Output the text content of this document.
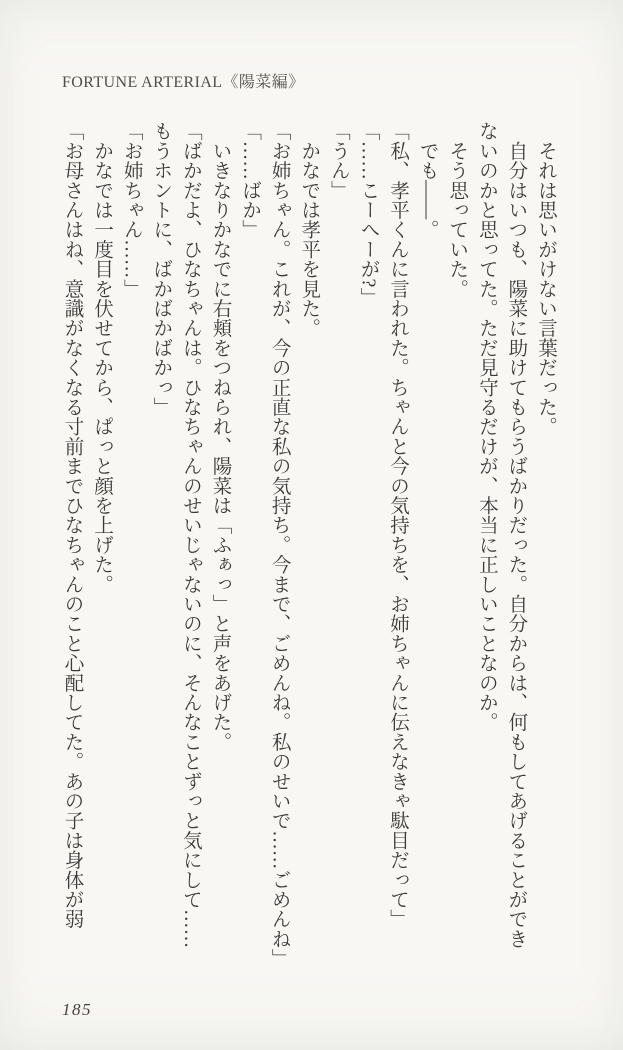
FORTUNE ARTERIAL《陽菜編》

　それは思いがけない言葉だった。

　自分はいつも、陽菜に助けてもらうばかりだった。自分からは、何もしてあげることができ

ないのかと思ってた。ただ見守るだけが、本当に正しいことなのか。

　そう思っていた。

　でも――。

「私、孝平くんに言われた。ちゃんと今の気持ちを、お姉ちゃんに伝えなきゃ駄目だって」

「……こーへーが?」

「うん」

　かなでは孝平を見た。

「お姉ちゃん。これが、今の正直な私の気持ち。今まで、ごめんね。私のせいで……ごめんね」

「……ばか」

　いきなりかなでに右頬をつねられ、陽菜は「ふぁっ」と声をあげた。

「ばかだよ、ひなちゃんは。ひなちゃんのせいじゃないのに、そんなことずっと気にして……

もうホントに、ばかばかばかっ」

「お姉ちゃん……」

　かなでは一度目を伏せてから、ぱっと顔を上げた。

「お母さんはね、意識がなくなる寸前までひなちゃんのこと心配してた。あの子は身体が弱

185
